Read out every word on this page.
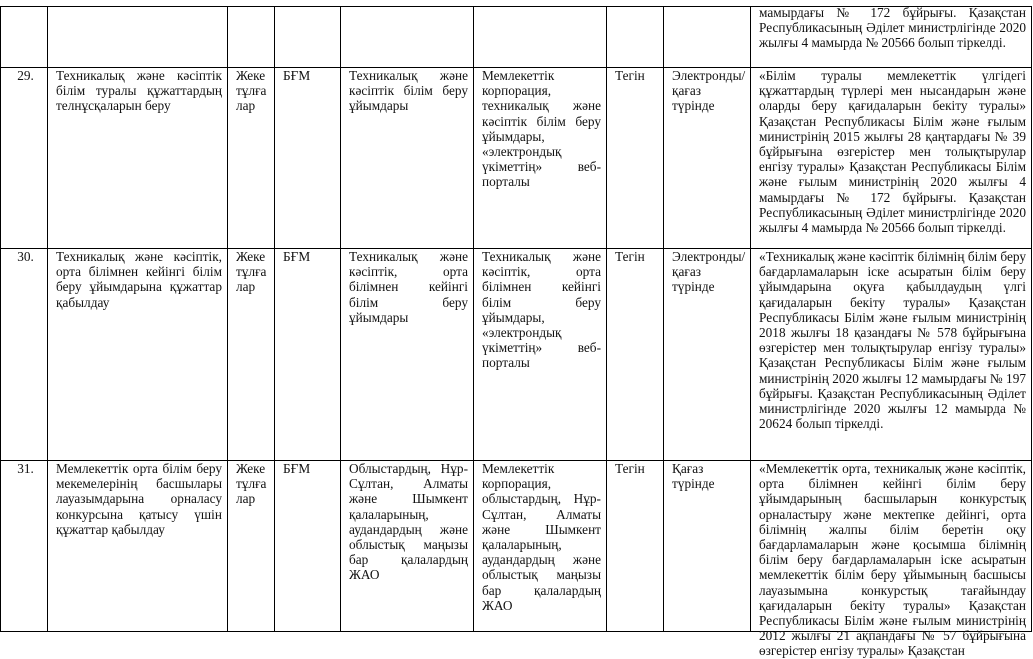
								мамырдағы № 172 бұйрығы. Қазақстан Республикасының Әділет министрлігінде 2020 жылғы 4 мамырда № 20566 болып тіркелді.

29.	Техникалық және кәсіптік білім туралы құжаттардың телнұсқаларын беру	Жеке тұлға лар	БҒМ	Техникалық және кәсіптік білім беру ұйымдары	Мемлекеттік корпорация, техникалық және кәсіптік білім беру ұйымдары, «электрондық үкіметтің» веб-порталы	Тегін	Электронды/ қағаз түрінде	«Білім туралы мемлекеттік үлгідегі құжаттардың түрлері мен нысандарын және оларды беру қағидаларын бекіту туралы» Қазақстан Республикасы Білім және ғылым министрінің 2015 жылғы 28 қаңтардағы № 39 бұйрығына өзгерістер мен толықтырулар енгізу туралы» Қазақстан Республикасы Білім және ғылым министрінің 2020 жылғы 4 мамырдағы № 172 бұйрығы. Қазақстан Республикасының Әділет министрлігінде 2020 жылғы 4 мамырда № 20566 болып тіркелді.
30.	Техникалық және кәсіптік, орта білімнен кейінгі білім беру ұйымдарына құжаттар қабылдау	Жеке тұлға лар	БҒМ	Техникалық және кәсіптік, орта білімнен кейінгі білім беру ұйымдары	Техникалық және кәсіптік, орта білімнен кейінгі білім беру ұйымдары, «электрондық үкіметтің» веб-порталы	Тегін	Электронды/ қағаз түрінде	«Техникалық және кәсіптік білімнің білім беру бағдарламаларын іске асыратын білім беру ұйымдарына оқуға қабылдаудың үлгі қағидаларын бекіту туралы» Қазақстан Республикасы Білім және ғылым министрінің 2018 жылғы 18 қазандағы № 578 бұйрығына өзгерістер мен толықтырулар енгізу туралы» Қазақстан Республикасы Білім және ғылым министрінің 2020 жылғы 12 мамырдағы № 197 бұйрығы. Қазақстан Республикасының Әділет министрлігінде 2020 жылғы 12 мамырда № 20624 болып тіркелді.
31.	Мемлекеттік орта білім беру мекемелерінің басшылары лауазымдарына орналасу конкурсына қатысу үшін құжаттар қабылдау	Жеке тұлға лар	БҒМ	Облыстардың, Нұр-Сұлтан, Алматы және Шымкент қалаларының, аудандардың және облыстық маңызы бар қалалардың ЖАО	Мемлекеттік корпорация, облыстардың, Нұр-Сұлтан, Алматы және Шымкент қалаларының, аудандардың және облыстық маңызы бар қалалардың ЖАО	Тегін	Қағаз түрінде	«Мемлекеттік орта, техникалық және кәсіптік, орта білімнен кейінгі білім беру ұйымдарының басшыларын конкурстық орналастыру және мектепке дейінгі, орта білімнің жалпы білім беретін оқу бағдарламаларын және қосымша білімнің білім беру бағдарламаларын іске асыратын мемлекеттік білім беру ұйымының басшысы лауазымына конкурстық тағайындау қағидаларын бекіту туралы» Қазақстан Республикасы Білім және ғылым министрінің 2012 жылғы 21 ақпандағы № 57 бұйрығына өзгерістер енгізу туралы» Қазақстан
